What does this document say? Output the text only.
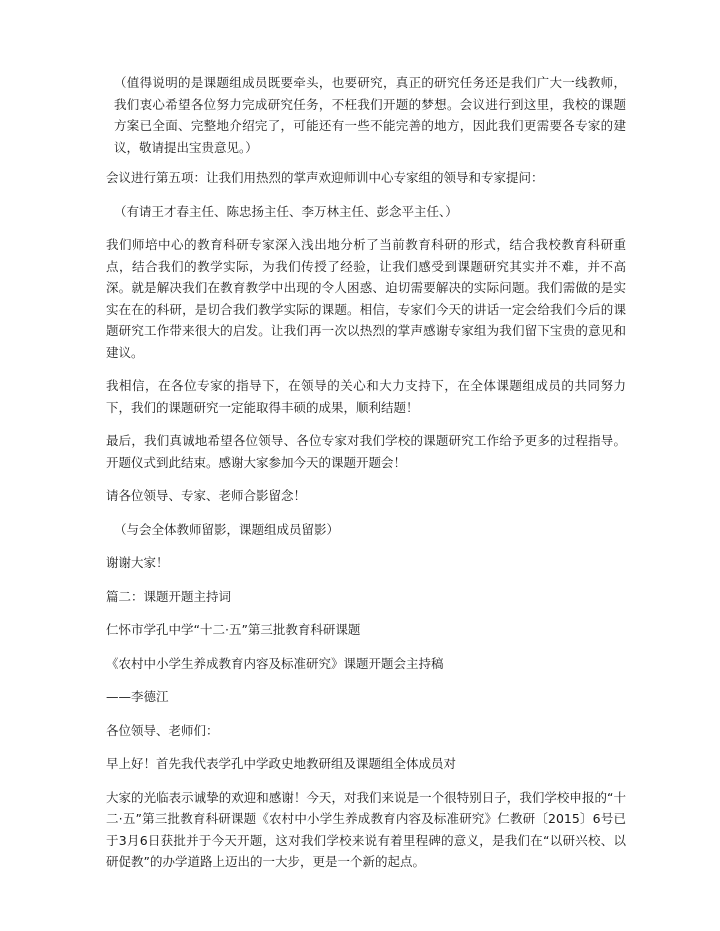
（值得说明的是课题组成员既要牵头，也要研究，真正的研究任务还是我们广大一线教师，我们衷心希望各位努力完成研究任务，不枉我们开题的梦想。会议进行到这里，我校的课题方案已全面、完整地介绍完了，可能还有一些不能完善的地方，因此我们更需要各专家的建议，敬请提出宝贵意见。）

会议进行第五项：让我们用热烈的掌声欢迎师训中心专家组的领导和专家提问：

（有请王才春主任、陈忠扬主任、李万林主任、彭念平主任、）

我们师培中心的教育科研专家深入浅出地分析了当前教育科研的形式，结合我校教育科研重点，结合我们的教学实际，为我们传授了经验，让我们感受到课题研究其实并不难，并不高深。就是解决我们在教育教学中出现的令人困惑、迫切需要解决的实际问题。我们需做的是实实在在的科研，是切合我们教学实际的课题。相信，专家们今天的讲话一定会给我们今后的课题研究工作带来很大的启发。让我们再一次以热烈的掌声感谢专家组为我们留下宝贵的意见和建议。

我相信，在各位专家的指导下，在领导的关心和大力支持下，在全体课题组成员的共同努力下，我们的课题研究一定能取得丰硕的成果，顺利结题！

最后，我们真诚地希望各位领导、各位专家对我们学校的课题研究工作给予更多的过程指导。开题仪式到此结束。感谢大家参加今天的课题开题会！

请各位领导、专家、老师合影留念！

（与会全体教师留影，课题组成员留影）

谢谢大家！

篇二：课题开题主持词

仁怀市学孔中学“十二·五”第三批教育科研课题

《农村中小学生养成教育内容及标准研究》课题开题会主持稿

——李德江

各位领导、老师们：

早上好！首先我代表学孔中学政史地教研组及课题组全体成员对

大家的光临表示诚挚的欢迎和感谢！今天，对我们来说是一个很特别日子，我们学校申报的“十二·五”第三批教育科研课题《农村中小学生养成教育内容及标准研究》仁教研〔2015〕6号已于3月6日获批并于今天开题，这对我们学校来说有着里程碑的意义，是我们在“以研兴校、以研促教”的办学道路上迈出的一大步，更是一个新的起点。
